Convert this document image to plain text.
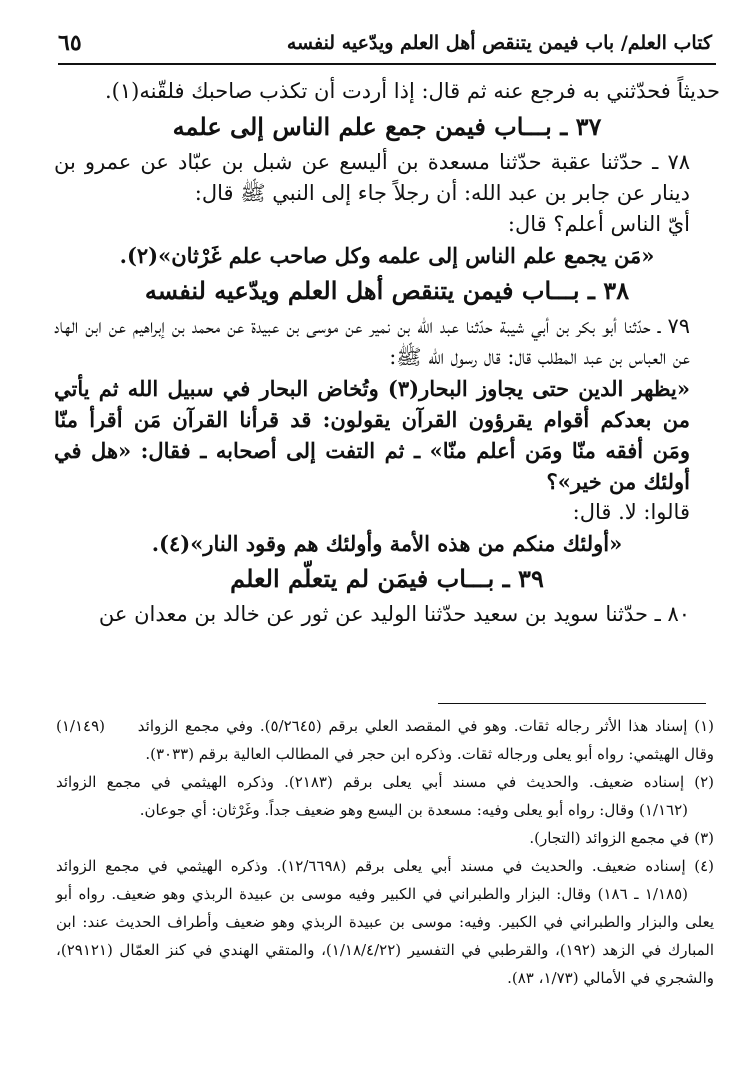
كتاب العلم/ باب فيمن يتنقص أهل العلم ويدّعيه لنفسه
٦٥

حديثاً فحدّثني به فرجع عنه ثم قال: إذا أردت أن تكذب صاحبك فلقّنه(١).

٣٧ ـ بـــاب فيمن جمع علم الناس إلى علمه

٧٨ ـ حدّثنا عقبة حدّثنا مسعدة بن أليسع عن شبل بن عبّاد عن عمرو بن دينار عن جابر بن عبد الله: أن رجلاً جاء إلى النبي ﷺ قال:

أيّ الناس أعلم؟ قال:

«مَن يجمع علم الناس إلى علمه وكل صاحب علم غَرْثان»(٢).

٣٨ ـ بـــاب فيمن يتنقص أهل العلم ويدّعيه لنفسه

٧٩ ـ حدّثنا أبو بكر بن أبي شيبة حدّثنا عبد الله بن نمير عن موسى بن عبيدة عن محمد بن إبراهيم عن ابن الهاد عن العباس بن عبد المطلب قال: قال رسول الله ﷺ:

«يظهر الدين حتى يجاوز البحار(٣) وتُخاض البحار في سبيل الله ثم يأتي من بعدكم أقوام يقرؤون القرآن يقولون: قد قرأنا القرآن مَن أقرأ منّا ومَن أفقه منّا ومَن أعلم منّا» ـ ثم التفت إلى أصحابه ـ فقال: «هل في أولئك من خير»؟

قالوا: لا. قال:

«أولئك منكم من هذه الأمة وأولئك هم وقود النار»(٤).

٣٩ ـ بـــاب فيمَن لم يتعلّم العلم

٨٠ ـ حدّثنا سويد بن سعيد حدّثنا الوليد عن ثور عن خالد بن معدان عن

(١) إسناد هذا الأثر رجاله ثقات. وهو في المقصد العلي برقم (٥/٢٦٤٥). وفي مجمع الزوائد (١/١٤٩) وقال الهيثمي: رواه أبو يعلى ورجاله ثقات. وذكره ابن حجر في المطالب العالية برقم (٣٠٣٣).

(٢) إسناده ضعيف. والحديث في مسند أبي يعلى برقم (٢١٨٣). وذكره الهيثمي في مجمع الزوائد (١/١٦٢) وقال: رواه أبو يعلى وفيه: مسعدة بن اليسع وهو ضعيف جداً. وغَرْثان: أي جوعان.

(٣) في مجمع الزوائد (التجار).

(٤) إسناده ضعيف. والحديث في مسند أبي يعلى برقم (١٢/٦٦٩٨). وذكره الهيثمي في مجمع الزوائد (١/١٨٥ ـ ١٨٦) وقال: البزار والطبراني في الكبير وفيه موسى بن عبيدة الربذي وهو ضعيف. رواه أبو يعلى والبزار والطبراني في الكبير. وفيه: موسى بن عبيدة الربذي وهو ضعيف وأطراف الحديث عند: ابن المبارك في الزهد (١٩٢)، والقرطبي في التفسير (١/١٨/٤/٢٢)، والمتقي الهندي في كنز العمّال (٢٩١٢١)، والشجري في الأمالي (١/٧٣، ٨٣).
